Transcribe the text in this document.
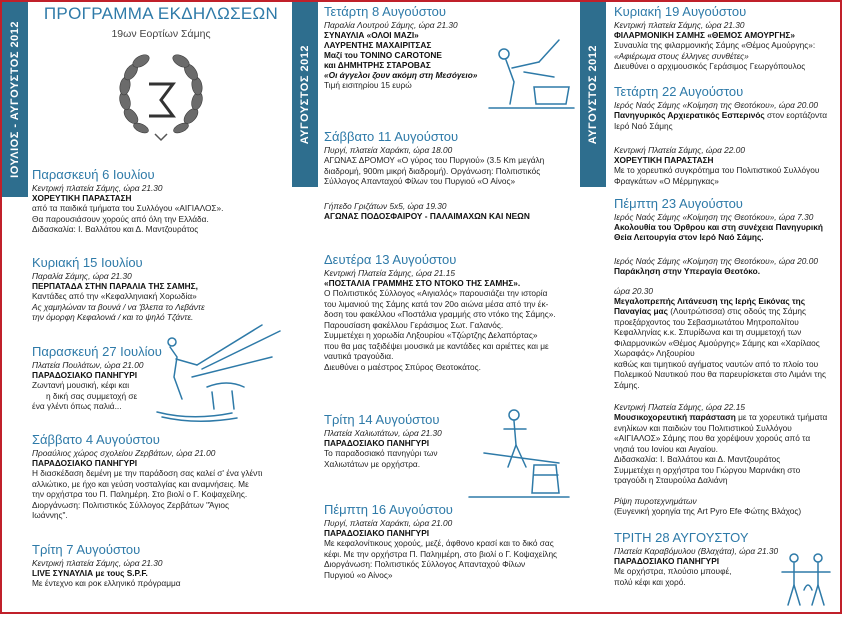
ΙΟΥΛΙΟΣ - ΑΥΓΟΥΣΤΟΣ 2012
ΠΡΟΓΡΑΜΜΑ ΕΚΔΗΛΩΣΕΩΝ
19ων Εορτίων Σάμης
Παρασκευή 6 Ιουλίου
Κεντρική πλατεία Σάμης, ώρα 21.30
ΧΟΡΕΥΤΙΚΗ ΠΑΡΑΣΤΑΣΗ
από τα παιδικά τμήματα του Συλλόγου «ΑΙΓΙΑΛΟΣ».
Θα παρουσιάσουν χορούς από όλη την Ελλάδα.
Διδασκαλία: Ι. Βαλλάτου και Δ. Μαντζουράτος
Κυριακή 15 Ιουλίου
Παραλία Σάμης, ώρα 21.30
ΠΕΡΠΑΤΑΔΑ ΣΤΗΝ ΠΑΡΑΛΙΑ ΤΗΣ ΣΑΜΗΣ,
Καντάδες από την «Κεφαλληνιακή Χορωδία»
Ας χαμηλώναν τα βουνά / να 'βλεπα το Λεβάντε
την όμορφη Κεφαλονιά / και το ψηλό Τζάντε.
Παρασκευή 27 Ιουλίου
Πλατεία Πουλάτων, ώρα 21.00
ΠΑΡΑΔΟΣΙΑΚΟ ΠΑΝΗΓΥΡΙ
Ζωντανή μουσική, κέφι και
η δική σας συμμετοχή σε
ένα γλέντι όπως παλιά...
Σάββατο 4 Αυγούστου
Προαύλιος χώρος σχολείου Ζερβάτων, ώρα 21.00
ΠΑΡΑΔΟΣΙΑΚΟ ΠΑΝΗΓΥΡΙ
Η διασκέδαση δεμένη με την παράδοση σας καλεί σ' ένα γλέντι
αλλιώτικο, με ήχο και γεύση νοσταλγίας και αναμνήσεις. Με
την ορχήστρα του Π. Παλημέρη. Στο βιολί ο Γ. Κοψαχείλης.
Διοργάνωση: Πολιτιστικός Σύλλογος Ζερβάτων "Άγιος
Ιωάννης".
Τρίτη 7 Αυγούστου
Κεντρική πλατεία Σάμης, ώρα 21.30
LIVE ΣΥΝΑΥΛΙΑ με τους S.P.F.
Με έντεχνο και ροκ ελληνικό πρόγραμμα
ΑΥΓΟΥΣΤΟΣ 2012
Τετάρτη 8 Αυγούστου
Παραλία Λουτρού Σάμης, ώρα 21.30
ΣΥΝΑΥΛΙΑ «ΟΛΟΙ ΜΑΖΙ»
ΛΑΥΡΕΝΤΗΣ ΜΑΧΑΙΡΙΤΣΑΣ
Μαζί του ΤΟΝΙΝΟ CAROTONE
και ΔΗΜΗΤΡΗΣ ΣΤΑΡΟΒΑΣ
«Οι άγγελοι ζουν ακόμη στη Μεσόγειο»
Τιμή εισιτηρίου 15 ευρώ
Σάββατο 11 Αυγούστου
Πυργί, πλατεία Χαράκτι, ώρα 18.00
ΑΓΩΝΑΣ ΔΡΟΜΟΥ «Ο γύρος του Πυργιού» (3.5 Km μεγάλη
διαδρομή, 900m μικρή διαδρομή). Οργάνωση: Πολιτιστικός
Σύλλογος Απανταχού Φίλων του Πυργιού «Ο Αίνος»
Γήπεδο Γριζάτων 5x5, ώρα 19.30
ΑΓΩΝΑΣ ΠΟΔΟΣΦΑΙΡΟΥ - ΠΑΛΑΙΜΑΧΩΝ ΚΑΙ ΝΕΩΝ
Δευτέρα 13 Αυγούστου
Κεντρική Πλατεία Σάμης, ώρα 21.15
«ΠΟΣΤΑΛΙΑ ΓΡΑΜΜΗΣ ΣΤΟ ΝΤΟΚΟ ΤΗΣ ΣΑΜΗΣ».
Ο Πολιτιστικός Σύλλογος «Αιγιαλός» παρουσιάζει την ιστορία
του λιμανιού της Σάμης κατά τον 20ο αιώνα μέσα από την έκ-
δοση του φακέλλου «Ποστάλια γραμμής στο ντόκο της Σάμης».
Παρουσίαση φακέλλου Γεράσιμος Σωτ. Γαλανός.
Συμμετέχει η χορωδία Ληξουρίου «Τζώρτζης Δελαπόρτας»
που θα μας ταξιδέψει μουσικά με καντάδες και αριέττες και με
ναυτικά τραγούδια.
Διευθύνει ο μαέστρος Σπύρος Θεοτοκάτος.
Τρίτη 14 Αυγούστου
Πλατεία Χαλιωτάτων, ώρα 21.30
ΠΑΡΑΔΟΣΙΑΚΟ ΠΑΝΗΓΥΡΙ
Το παραδοσιακό πανηγύρι των
Χαλιωτάτων με ορχήστρα.
Πέμπτη 16 Αυγούστου
Πυργί, πλατεία Χαράκτι, ώρα 21.00
ΠΑΡΑΔΟΣΙΑΚΟ ΠΑΝΗΓΥΡΙ
Με κεφαλονίτικους χορούς, μεζέ, άφθονο κρασί και το δικό σας
κέφι. Με την ορχήστρα Π. Παληιμέρη, στο βιολί ο Γ. Κοψαχείλης
Διοργάνωση: Πολιτιστικός Σύλλογος Απανταχού Φίλων
Πυργιού «ο Αίνος»
ΑΥΓΟΥΣΤΟΣ 2012
Κυριακή 19 Αυγούστου
Κεντρική πλατεία Σάμης, ώρα 21.30
ΦΙΛΑΡΜΟΝΙΚΗ ΣΑΜΗΣ «ΘΕΜΟΣ ΑΜΟΥΡΓΗΣ»
Συναυλία της φιλαρμονικής Σάμης «Θέμος Αμούργης»:
«Αφιέρωμα στους έλληνες συνθέτες»
Διευθύνει ο αρχιμουσικός Γεράσιμος Γεωργόπουλος
Τετάρτη 22 Αυγούστου
Ιερός Ναός Σάμης «Κοίμηση της Θεοτόκου», ώρα 20.00
Πανηγυρικός Αρχιερατικός Εσπερινός στον εορτάζοντα
Ιερό Ναό Σάμης
Κεντρική Πλατεία Σάμης, ώρα 22.00
ΧΟΡΕΥΤΙΚΗ ΠΑΡΑΣΤΑΣΗ
Με το χορευτικό συγκρότημα του Πολιτιστικού Συλλόγου
Φραγκάτων «Ο Μέρμηγκας»
Πέμπτη 23 Αυγούστου
Ιερός Ναός Σάμης «Κοίμηση της Θεοτόκου», ώρα 7.30
Ακολουθία του Όρθρου και στη συνέχεια Πανηγυρική
Θεία Λειτουργία στον Ιερό Ναό Σάμης.
Ιερός Ναός Σάμης «Κοίμηση της Θεοτόκου», ώρα 20.00
Παράκληση στην Υπεραγία Θεοτόκο.
ώρα 20.30
Μεγαλοπρεπής Λιτάνευση της Ιερής Εικόνας της
Παναγίας μας (Λουτρώτισσα) στις οδούς της Σάμης
προεξάρχοντος του Σεβασμιωτάτου Μητροπολίτου
Κεφαλληνίας κ.κ. Σπυρίδωνα και τη συμμετοχή των
Φιλαρμονικών «Θέμος Αμούργης» Σάμης και «Χαρίλαος
Χωραφάς» Ληξουρίου
καθώς και τιμητικού αγήματος ναυτών από το πλοίο του
Πολεμικού Ναυτικού που θα παρευρίσκεται στο Λιμάνι της
Σάμης.
Κεντρική Πλατεία Σάμης, ώρα 22.15
Μουσικοχορευτική παράσταση με τα χορευτικά τμήματα
ενηλίκων και παιδιών του Πολιτιστικού Συλλόγου
«ΑΙΓΙΑΛΟΣ» Σάμης που θα χορέψουν χορούς από τα
νησιά του Ιονίου και Αιγαίου.
Διδασκαλία: Ι. Βαλλάτου και Δ. Μαντζουράτος
Συμμετέχει η ορχήστρα του Γιώργου Μαρινάκη στο
τραγούδι η Σταυρούλα Δαλιάνη
Ρίψη πυροτεχνημάτων
(Ευγενική χορηγία της Art Pyro Efe Φώτης Βλάχος)
ΤΡΙΤΗ 28 ΑΥΓΟΥΣΤΟΥ
Πλατεία Καραβόμυλου (Βλαχάτα), ώρα 21.30
ΠΑΡΑΔΟΣΙΑΚΟ ΠΑΝΗΓΥΡΙ
Με ορχήστρα, πλούσιο μπουφέ,
πολύ κέφι και χορό.
